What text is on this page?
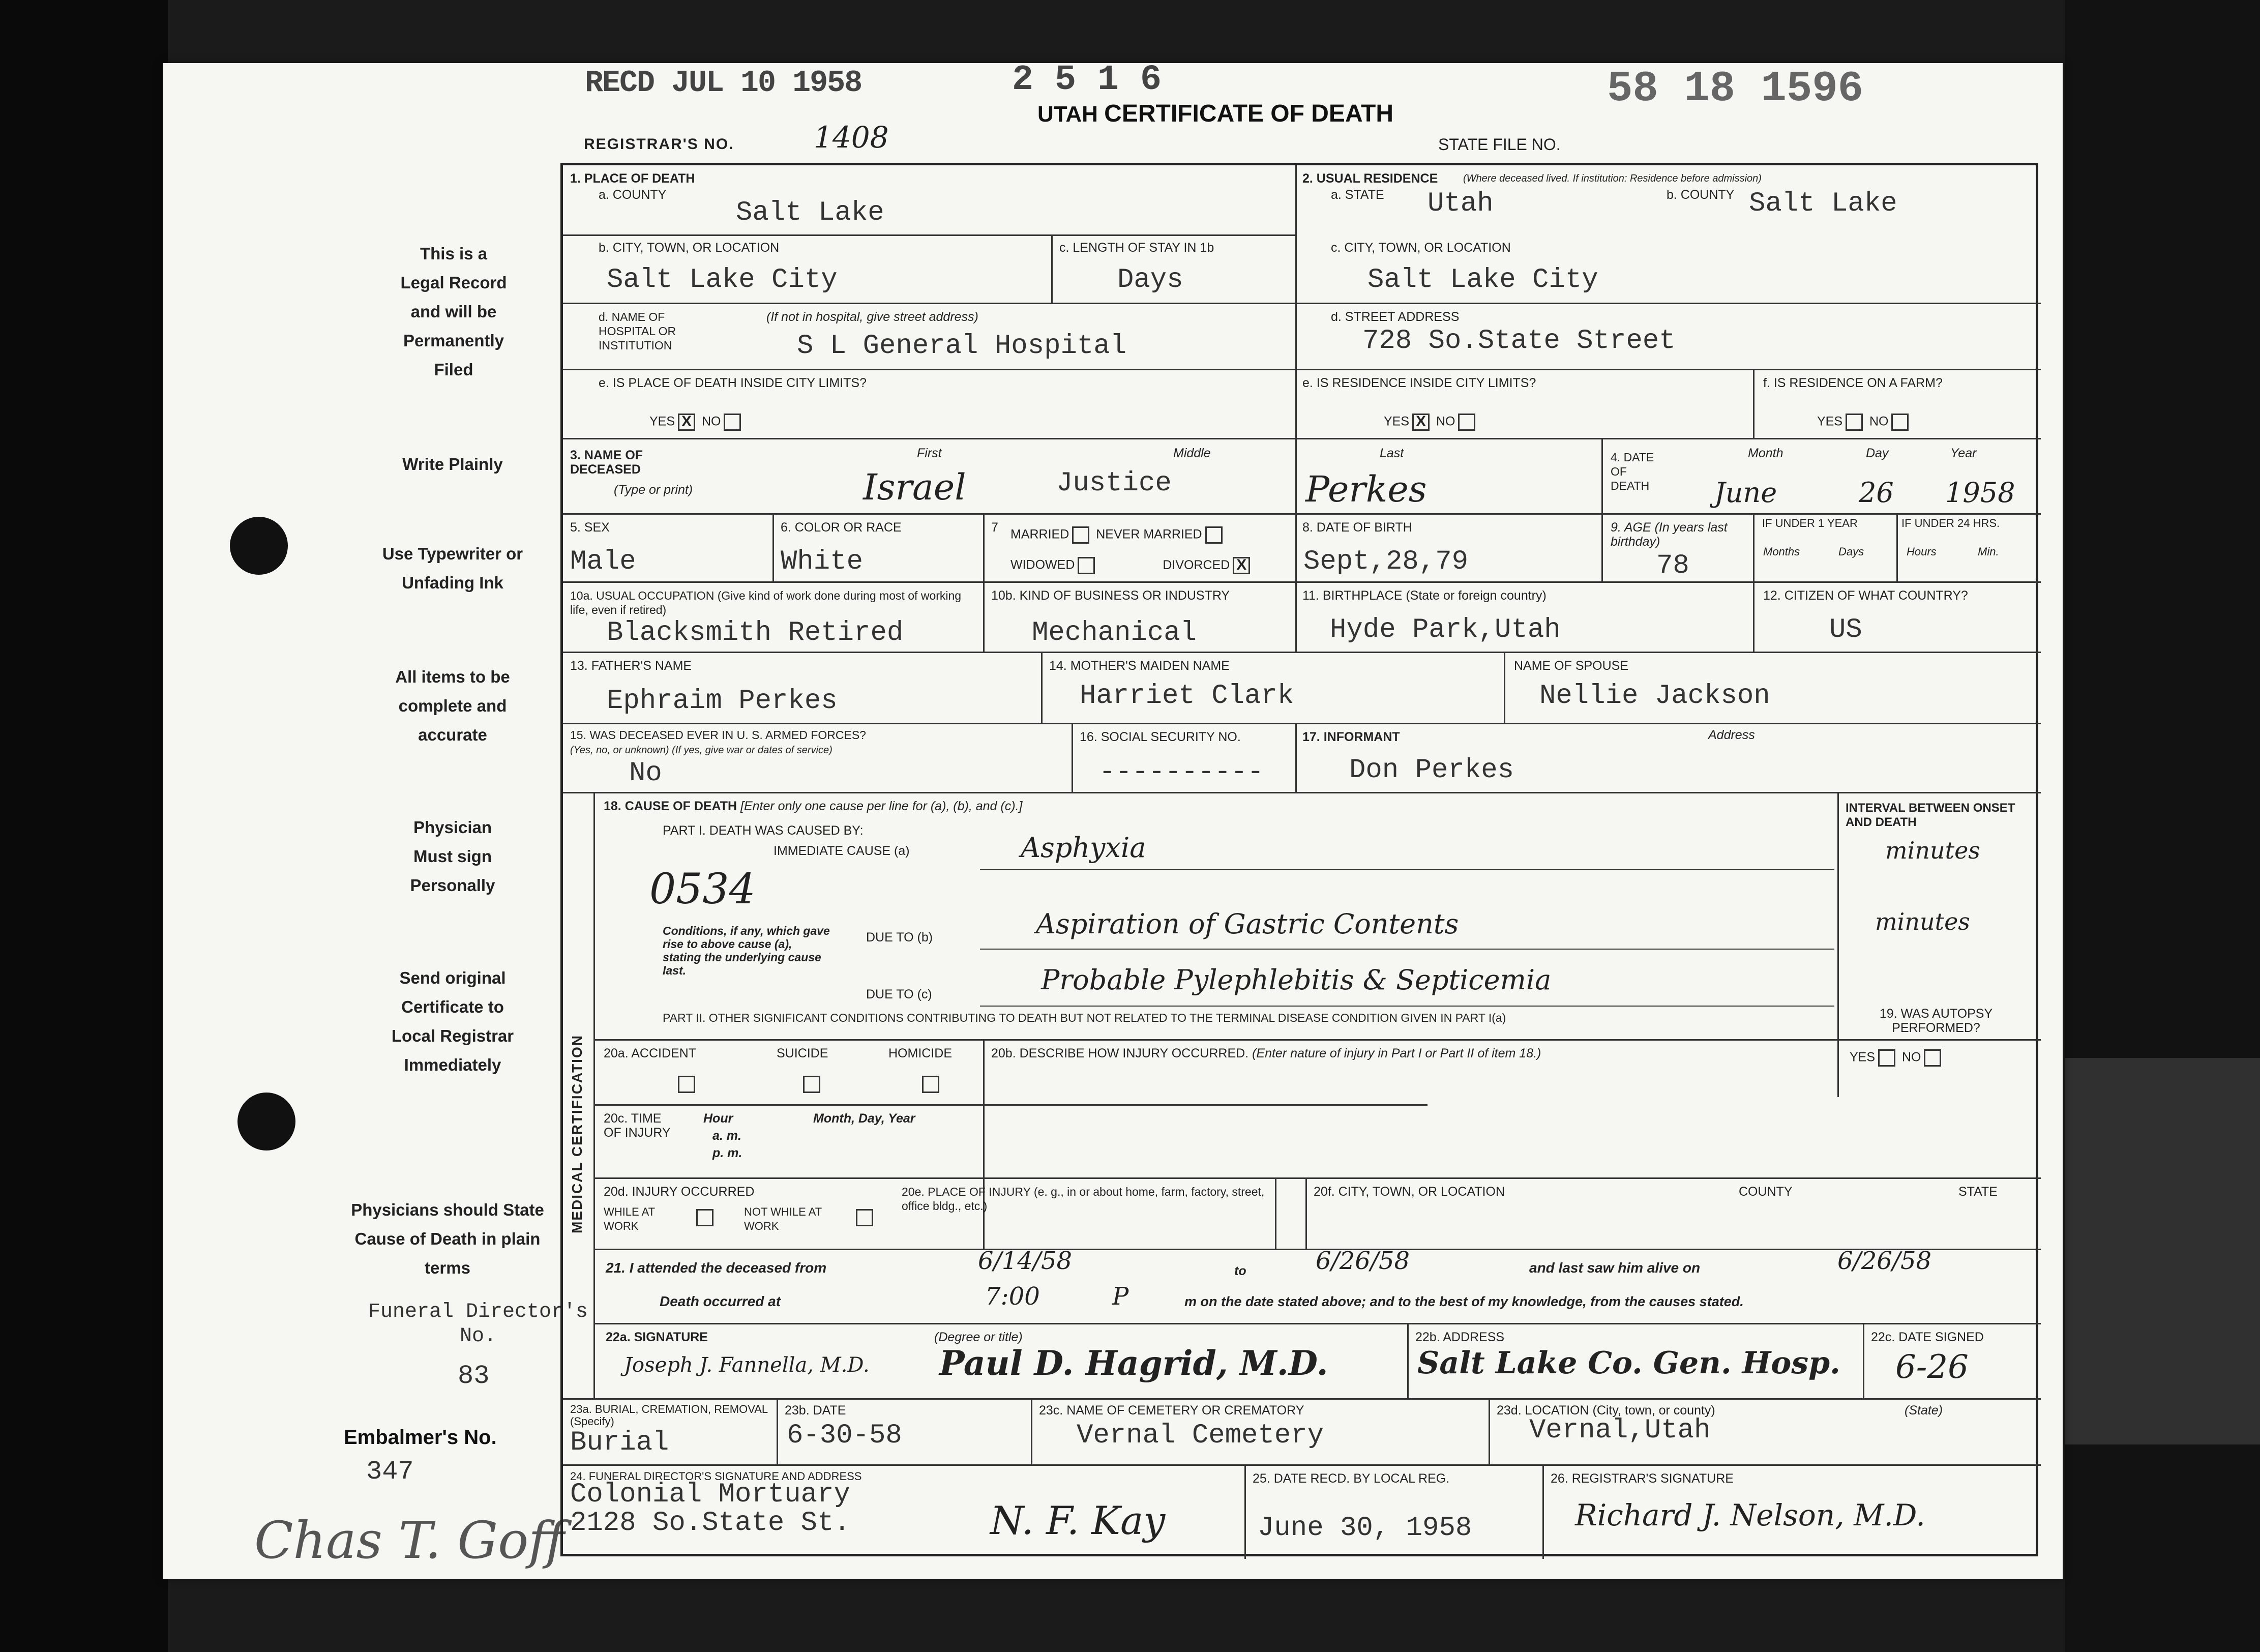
RECD JUL 10 1958	2 5 1 6	58 18 1596
UTAH CERTIFICATE OF DEATH
REGISTRAR'S NO.	1408	STATE FILE NO.
This is a Legal Record and will be Permanently Filed
Write Plainly
Use Typewriter or Unfading Ink
All items to be complete and accurate
Physician Must sign Personally
Send original Certificate to Local Registrar Immediately
Physicians should State Cause of Death in plain terms
Funeral Director's No.
83
Embalmer's No.
347
Chas T. Goff
1. PLACE OF DEATH
a. COUNTY
Salt Lake
2. USUAL RESIDENCE (Where deceased lived. If institution: Residence before admission)
a. STATE Utah	b. COUNTY Salt Lake
b. CITY, TOWN, OR LOCATION
Salt Lake City
c. LENGTH OF STAY IN 1b
Days
c. CITY, TOWN, OR LOCATION
Salt Lake City
d. NAME OF HOSPITAL OR INSTITUTION
(If not in hospital, give street address)
S L General Hospital
d. STREET ADDRESS
728 So.State Street
e. IS PLACE OF DEATH INSIDE CITY LIMITS?
YES X NO
e. IS RESIDENCE INSIDE CITY LIMITS?
YES X NO
f. IS RESIDENCE ON A FARM?
YES NO
3. NAME OF DECEASED
(Type or print)
First	Middle	Last
Israel	Justice	Perkes
4. DATE OF DEATH
Month	Day	Year
June	26 1958
5. SEX
Male
6. COLOR OR RACE
White
7 MARRIED NEVER MARRIED
WIDOWED	DIVORCED X
8. DATE OF BIRTH
Sept,28,79
9. AGE (In years last birthday)
78
IF UNDER 1 YEAR	IF UNDER 24 HRS.
Months	Days	Hours	Min.
10a. USUAL OCCUPATION (Give kind of work done during most of working life, even if retired)
Blacksmith Retired
10b. KIND OF BUSINESS OR INDUSTRY
Mechanical
11. BIRTHPLACE (State or foreign country)
Hyde Park,Utah
12. CITIZEN OF WHAT COUNTRY?
US
13. FATHER'S NAME
Ephraim Perkes
14. MOTHER'S MAIDEN NAME
Harriet Clark
NAME OF SPOUSE
Nellie Jackson
15. WAS DECEASED EVER IN U. S. ARMED FORCES?
(Yes, no, or unknown) (If yes, give war or dates of service)
No
16. SOCIAL SECURITY NO.
----------
17. INFORMANT	Address
Don Perkes
MEDICAL CERTIFICATION
18. CAUSE OF DEATH [Enter only one cause per line for (a), (b), and (c).]
PART I. DEATH WAS CAUSED BY:
IMMEDIATE CAUSE (a)	Asphyxia
0534
Conditions, if any, which gave rise to above cause (a), stating the underlying cause last.
DUE TO (b)	Aspiration of Gastric Contents
DUE TO (c)	Probable Pylephlebitis & Septicemia
INTERVAL BETWEEN ONSET AND DEATH
minutes
minutes
PART II. OTHER SIGNIFICANT CONDITIONS CONTRIBUTING TO DEATH BUT NOT RELATED TO THE TERMINAL DISEASE CONDITION GIVEN IN PART I(a)	19. WAS AUTOPSY PERFORMED?
YES NO
20a. ACCIDENT	SUICIDE	HOMICIDE	20b. DESCRIBE HOW INJURY OCCURRED. (Enter nature of injury in Part I or Part II of item 18.)
20c. TIME OF INJURY
Hour
a. m.
p. m.
Month, Day, Year
20d. INJURY OCCURRED
WHILE AT WORK
NOT WHILE AT WORK
20e. PLACE OF INJURY (e. g., in or about home, farm, factory, street, office bldg., etc.)
20f. CITY, TOWN, OR LOCATION	COUNTY	STATE
21. I attended the deceased from	6/14/58	to	6/26/58	and last saw him alive on	6/26/58
Death occurred at	7:00	P	m on the date stated above; and to the best of my knowledge, from the causes stated.
22a. SIGNATURE	(Degree or title)
Joseph J. Fannella, M.D. Paul D. Hagrid, M.D.
22b. ADDRESS
Salt Lake Co. Gen. Hosp.
22c. DATE SIGNED
6-26
23a. BURIAL, CREMATION, REMOVAL (Specify)
Burial
23b. DATE
6-30-58
23c. NAME OF CEMETERY OR CREMATORY
Vernal Cemetery
23d. LOCATION (City, town, or county)	(State)
Vernal,Utah
24. FUNERAL DIRECTOR'S SIGNATURE AND ADDRESS
Colonial Mortuary
2128 So.State St.	N. F. Kay
25. DATE RECD. BY LOCAL REG.
June 30, 1958
26. REGISTRAR'S SIGNATURE
Richard J. Nelson, M.D.
